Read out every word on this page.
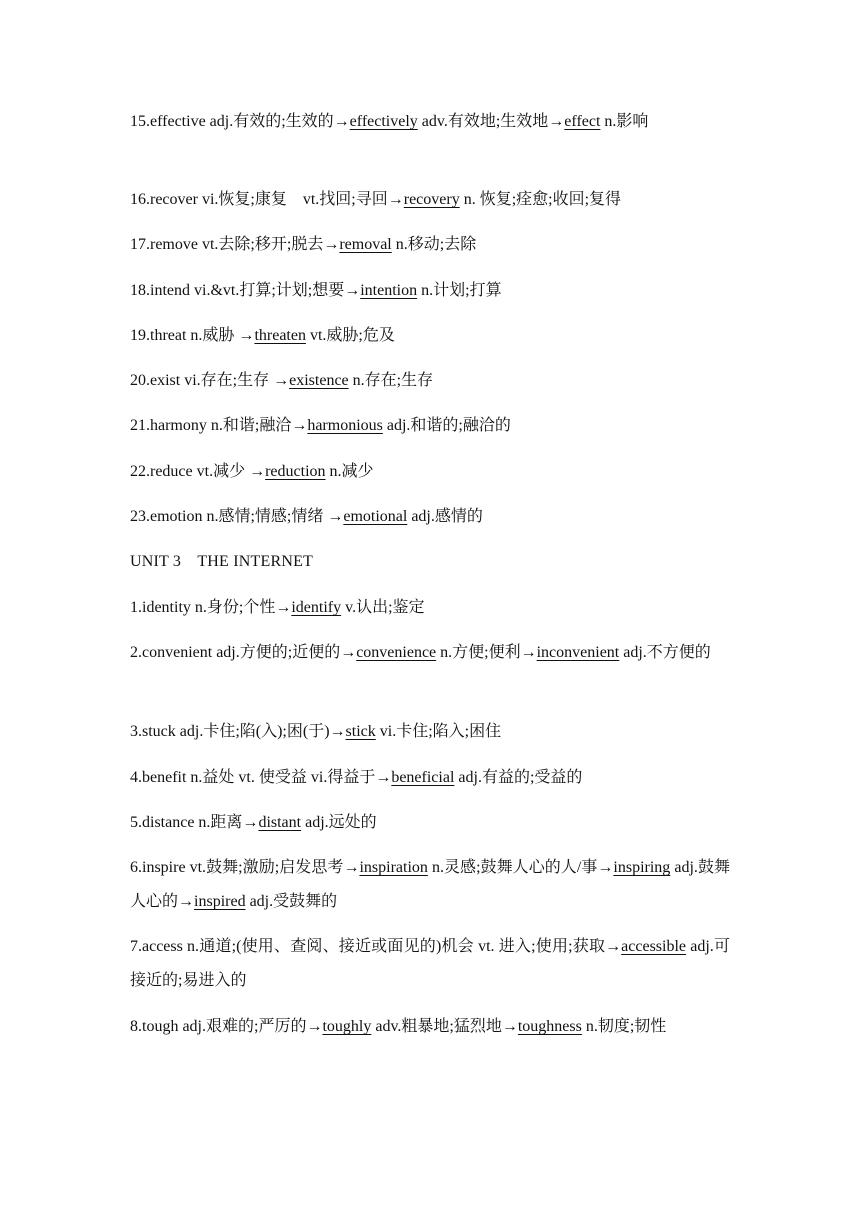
15.effective adj.有效的;生效的→effectively adv.有效地;生效地→effect n.影响
16.recover vi.恢复;康复　vt.找回;寻回→recovery n. 恢复;痊愈;收回;复得
17.remove vt.去除;移开;脱去→removal n.移动;去除
18.intend vi.&vt.打算;计划;想要→intention n.计划;打算
19.threat n.威胁 →threaten vt.威胁;危及
20.exist vi.存在;生存 →existence n.存在;生存
21.harmony n.和谐;融洽→harmonious adj.和谐的;融洽的
22.reduce vt.减少 →reduction n.减少
23.emotion n.感情;情感;情绪 →emotional adj.感情的
UNIT 3　THE INTERNET
1.identity n.身份;个性→identify v.认出;鉴定
2.convenient adj.方便的;近便的→convenience n.方便;便利→inconvenient adj.不方便的
3.stuck adj.卡住;陷(入);困(于)→stick vi.卡住;陷入;困住
4.benefit n.益处 vt. 使受益 vi.得益于→beneficial adj.有益的;受益的
5.distance n.距离→distant adj.远处的
6.inspire vt.鼓舞;激励;启发思考→inspiration n.灵感;鼓舞人心的人/事→inspiring adj.鼓舞人心的→inspired adj.受鼓舞的
7.access n.通道;(使用、查阅、接近或面见的)机会 vt. 进入;使用;获取→accessible adj.可接近的;易进入的
8.tough adj.艰难的;严厉的→toughly adv.粗暴地;猛烈地→toughness n.韧度;韧性
